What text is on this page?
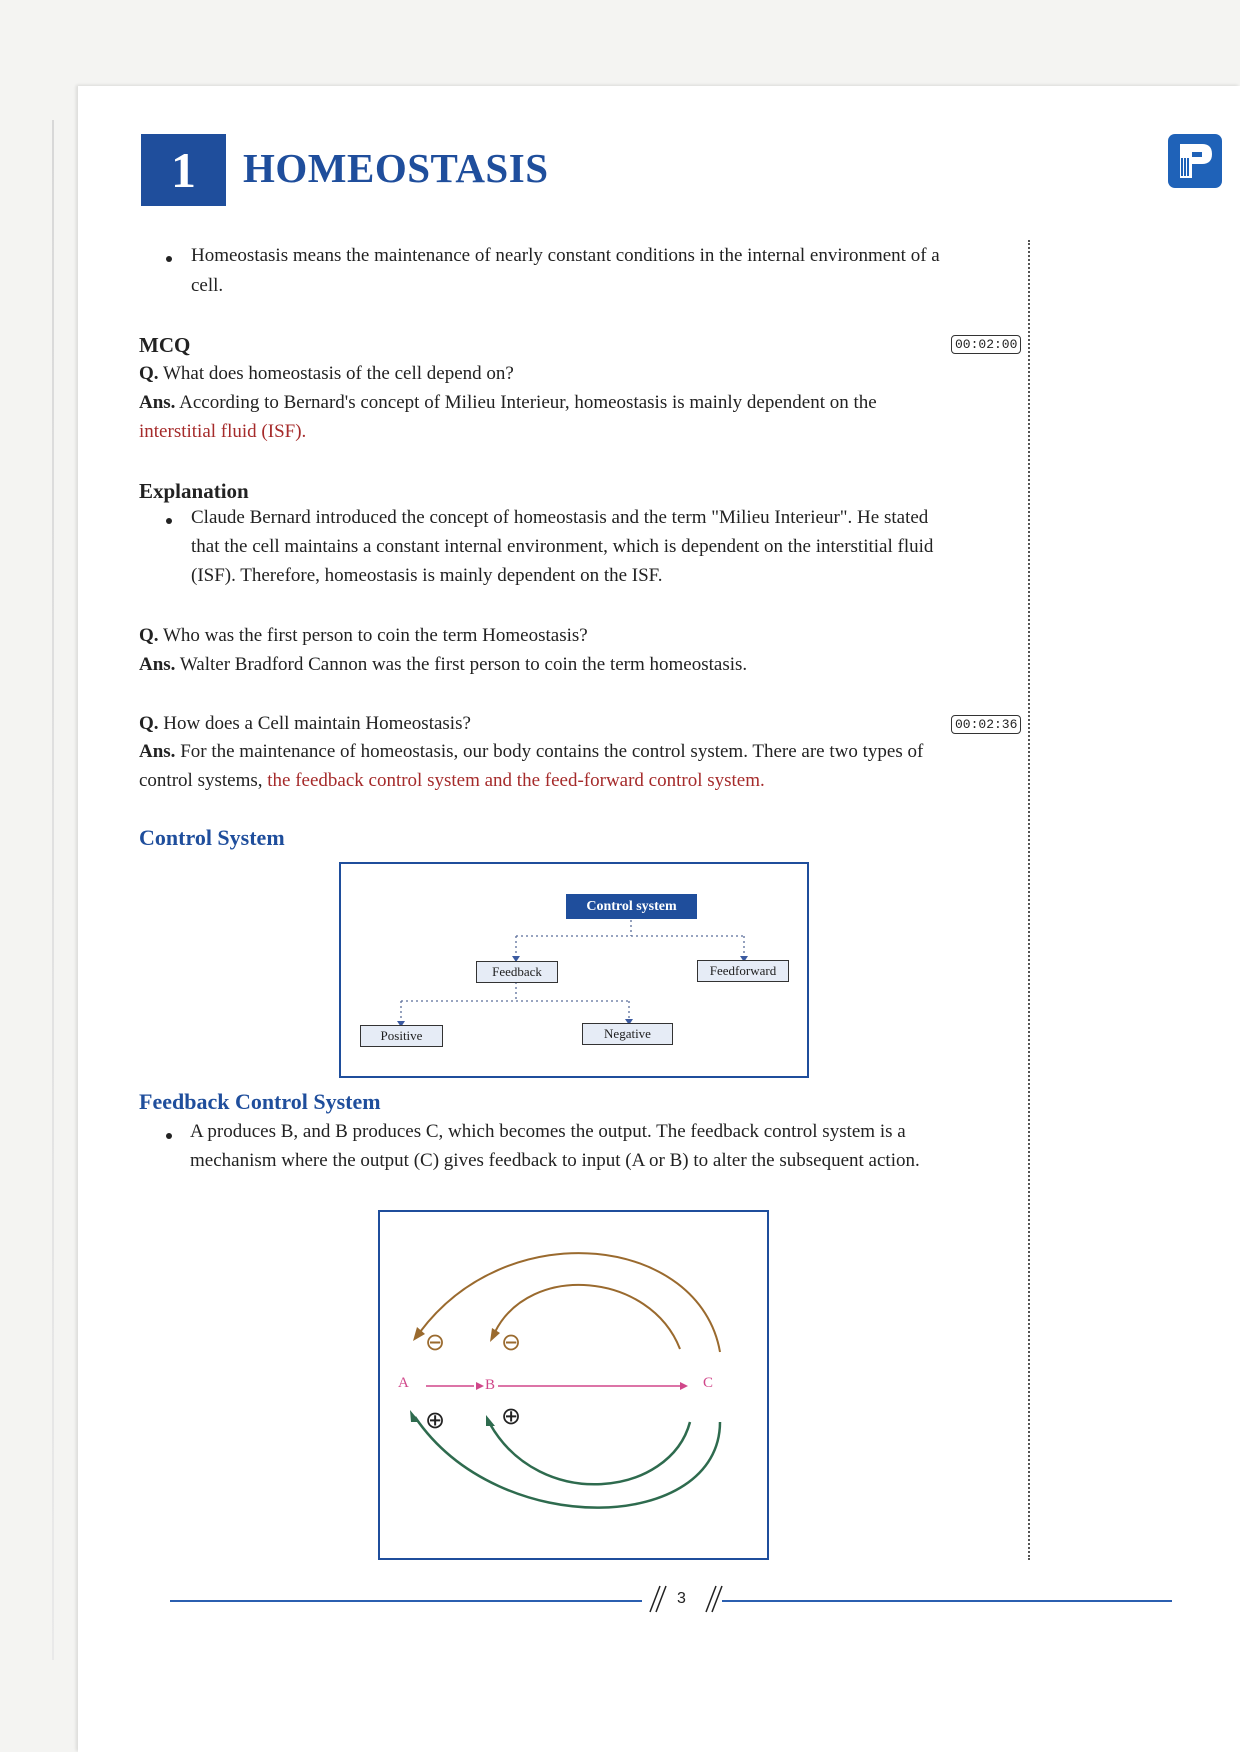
1	HOMEOSTASIS
Homeostasis means the maintenance of nearly constant conditions in the internal environment of a
cell.
MCQ	00:02:00
Q. What does homeostasis of the cell depend on?
Ans. According to Bernard's concept of Milieu Interieur, homeostasis is mainly dependent on the
interstitial fluid (ISF).
Explanation
Claude Bernard introduced the concept of homeostasis and the term "Milieu Interieur". He stated
that the cell maintains a constant internal environment, which is dependent on the interstitial fluid
(ISF). Therefore, homeostasis is mainly dependent on the ISF.
Q. Who was the first person to coin the term Homeostasis?
Ans. Walter Bradford Cannon was the first person to coin the term homeostasis.
Q. How does a Cell maintain Homeostasis?	00:02:36
Ans. For the maintenance of homeostasis, our body contains the control system. There are two types of
control systems, the feedback control system and the feed-forward control system.
Control System
Control system
Feedback	Feedforward
Positive	Negative
Feedback Control System
A produces B, and B produces C, which becomes the output. The feedback control system is a
mechanism where the output (C) gives feedback to input (A or B) to alter the subsequent action.
A	B	C
⊖ ⊖
⊕ ⊕
3
